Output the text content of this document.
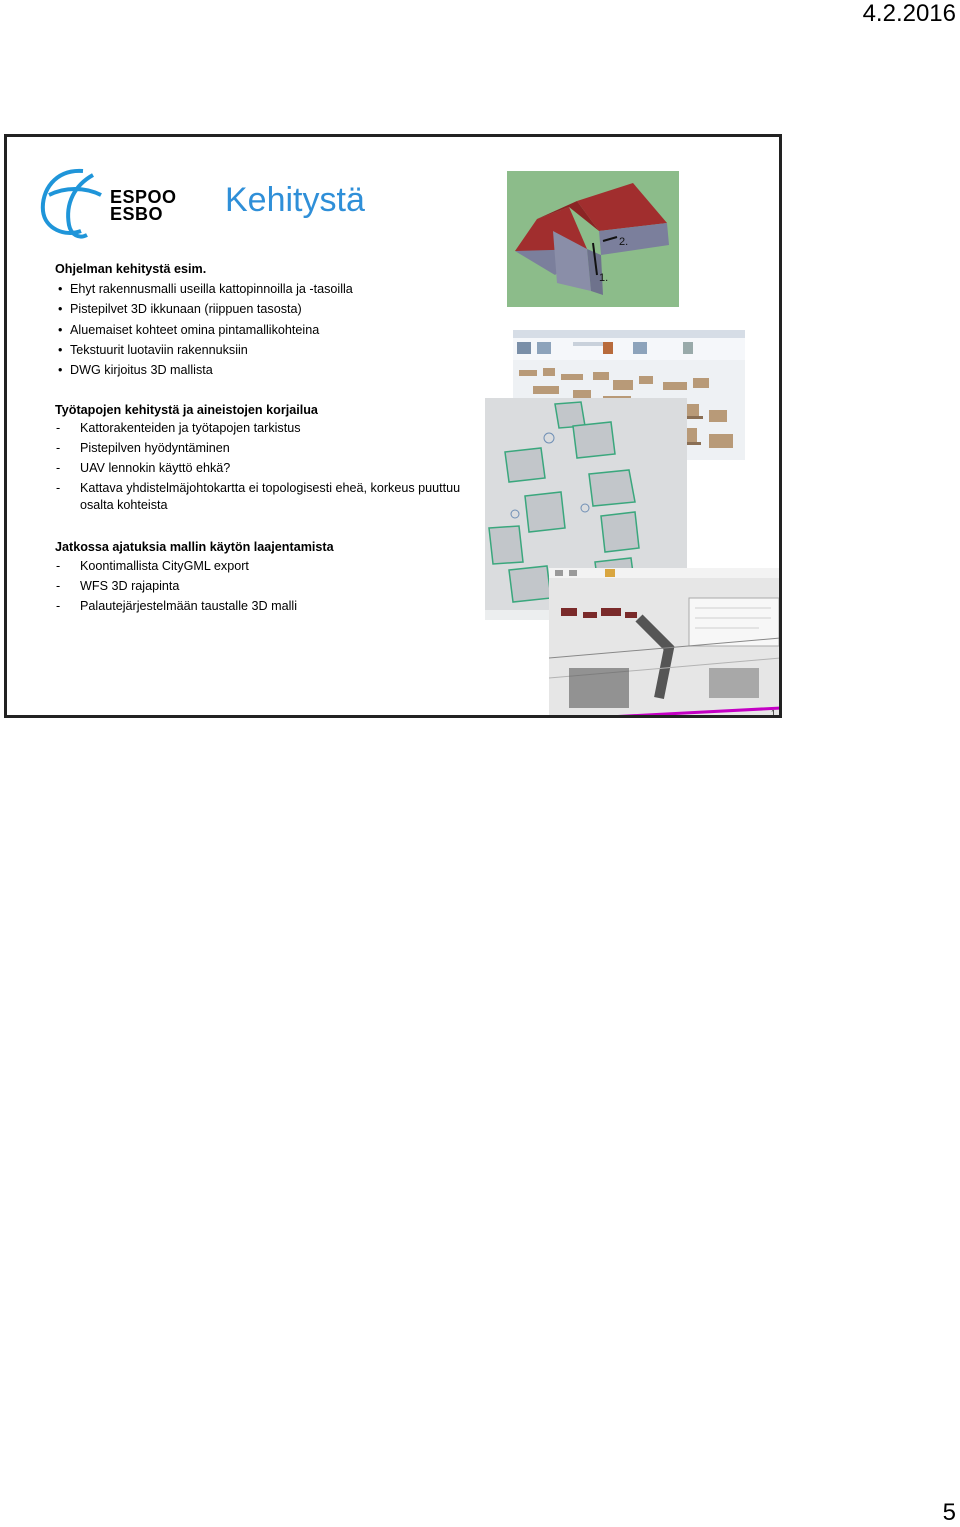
4.2.2016
ESPOO
ESBO	Kehitystä
Ohjelman kehitystä esim.
• Ehyt rakennusmalli useilla kattopinnoilla ja -tasoilla
• Pistepilvet 3D ikkunaan (riippuen tasosta)
• Aluemaiset kohteet omina pintamallikohteina
• Tekstuurit luotaviin rakennuksiin
• DWG kirjoitus 3D mallista
Työtapojen kehitystä ja aineistojen korjailua
- Kattorakenteiden ja työtapojen tarkistus
- Pistepilven hyödyntäminen
- UAV lennokin käyttö ehkä?
- Kattava yhdistelmäjohtokartta ei topologisesti eheä, korkeus puuttuu osalta kohteista
Jatkossa ajatuksia mallin käytön laajentamista
- Koontimallista CityGML export
- WFS 3D rajapinta
- Palautejärjestelmään taustalle 3D malli
2.
1.
1
5
